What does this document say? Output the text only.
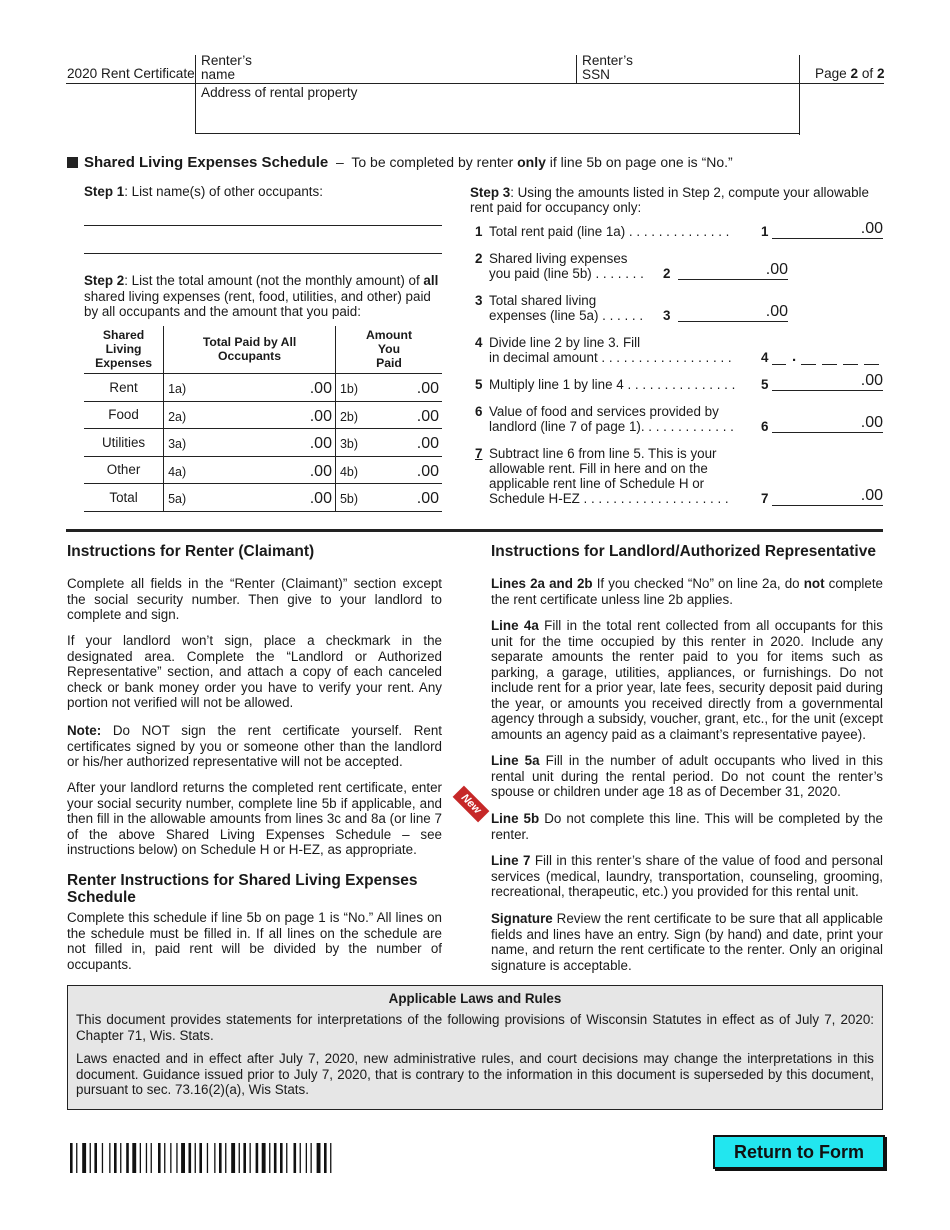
2020 Rent Certificate
Renter’s
name
Renter’s
SSN	Page 2 of 2
Address of rental property
Shared Living Expenses Schedule – To be completed by renter only if line 5b on page one is “No.”
Step 1: List name(s) of other occupants:
Step 2: List the total amount (not the monthly amount) of all shared living expenses (rent, food, utilities, and other) paid by all occupants and the amount that you paid:
Shared Living Expenses	Total Paid by All Occupants	Amount You Paid
Rent	1a) .00	1b) .00

Food	2a) .00	2b) .00

Utilities	3a) .00	3b) .00

Other	4a) .00	4b) .00

Total	5a) .00	5b) .00
Step 3: Using the amounts listed in Step 2, compute your allowable rent paid for occupancy only:
1 Total rent paid (line 1a) . . . . . . . . . . . . . . 1	.00
2 Shared living expenses
you paid (line 5b) . . . . . . . 2	.00
3 Total shared living
expenses (line 5a) . . . . . . 3	.00
4 Divide line 2 by line 3. Fill
in decimal amount . . . . . . . . . . . . . . . . . . 4 .
5 Multiply line 1 by line 4 . . . . . . . . . . . . . . . 5	.00
6 Value of food and services provided by
landlord (line 7 of page 1). . . . . . . . . . . . . 6	.00
7 Subtract line 6 from line 5. This is your
allowable rent. Fill in here and on the
applicable rent line of Schedule H or
Schedule H-EZ . . . . . . . . . . . . . . . . . . . . 7	.00
Instructions for Renter (Claimant)

Complete all fields in the “Renter (Claimant)” section except the social security number. Then give to your landlord to complete and sign.

If your landlord won’t sign, place a checkmark in the designated area. Complete the “Landlord or Authorized Representative” section, and attach a copy of each canceled check or bank money order you have to verify your rent. Any portion not verified will not be allowed.

Note: Do NOT sign the rent certificate yourself. Rent certificates signed by you or someone other than the landlord or his/her authorized representative will not be accepted.

After your landlord returns the completed rent certificate, enter your social security number, complete line 5b if applicable, and then fill in the allowable amounts from lines 3c and 8a (or line 7 of the above Shared Living Expenses Schedule – see instructions below) on Schedule H or H-EZ, as appropriate.

Renter Instructions for Shared Living Expenses Schedule

Complete this schedule if line 5b on page 1 is “No.” All lines on the schedule must be filled in. If all lines on the schedule are not filled in, paid rent will be divided by the number of occupants.

Instructions for Landlord/Authorized Representative

Lines 2a and 2b If you checked “No” on line 2a, do not complete the rent certificate unless line 2b applies.

Line 4a Fill in the total rent collected from all occupants for this unit for the time occupied by this renter in 2020. Include any separate amounts the renter paid to you for items such as parking, a garage, utilities, appliances, or furnishings. Do not include rent for a prior year, late fees, security deposit paid during the year, or amounts you received directly from a governmental agency through a subsidy, voucher, grant, etc., for the unit (except amounts an agency paid as a claimant’s representative payee).

Line 5a Fill in the number of adult occupants who lived in this rental unit during the rental period. Do not count the renter’s spouse or children under age 18 as of December 31, 2020.

New

Line 5b Do not complete this line. This will be completed by the renter.

Line 7 Fill in this renter’s share of the value of food and personal services (medical, laundry, transportation, counseling, grooming, recreational, therapeutic, etc.) you provided for this rental unit.

Signature Review the rent certificate to be sure that all applicable fields and lines have an entry. Sign (by hand) and date, print your name, and return the rent certificate to the renter. Only an original signature is acceptable.

Applicable Laws and Rules

This document provides statements for interpretations of the following provisions of Wisconsin Statutes in effect as of July 7, 2020: Chapter 71, Wis. Stats.

Laws enacted and in effect after July 7, 2020, new administrative rules, and court decisions may change the interpretations in this document. Guidance issued prior to July 7, 2020, that is contrary to the information in this document is superseded by this document, pursuant to sec. 73.16(2)(a), Wis Stats.

Return to Form
